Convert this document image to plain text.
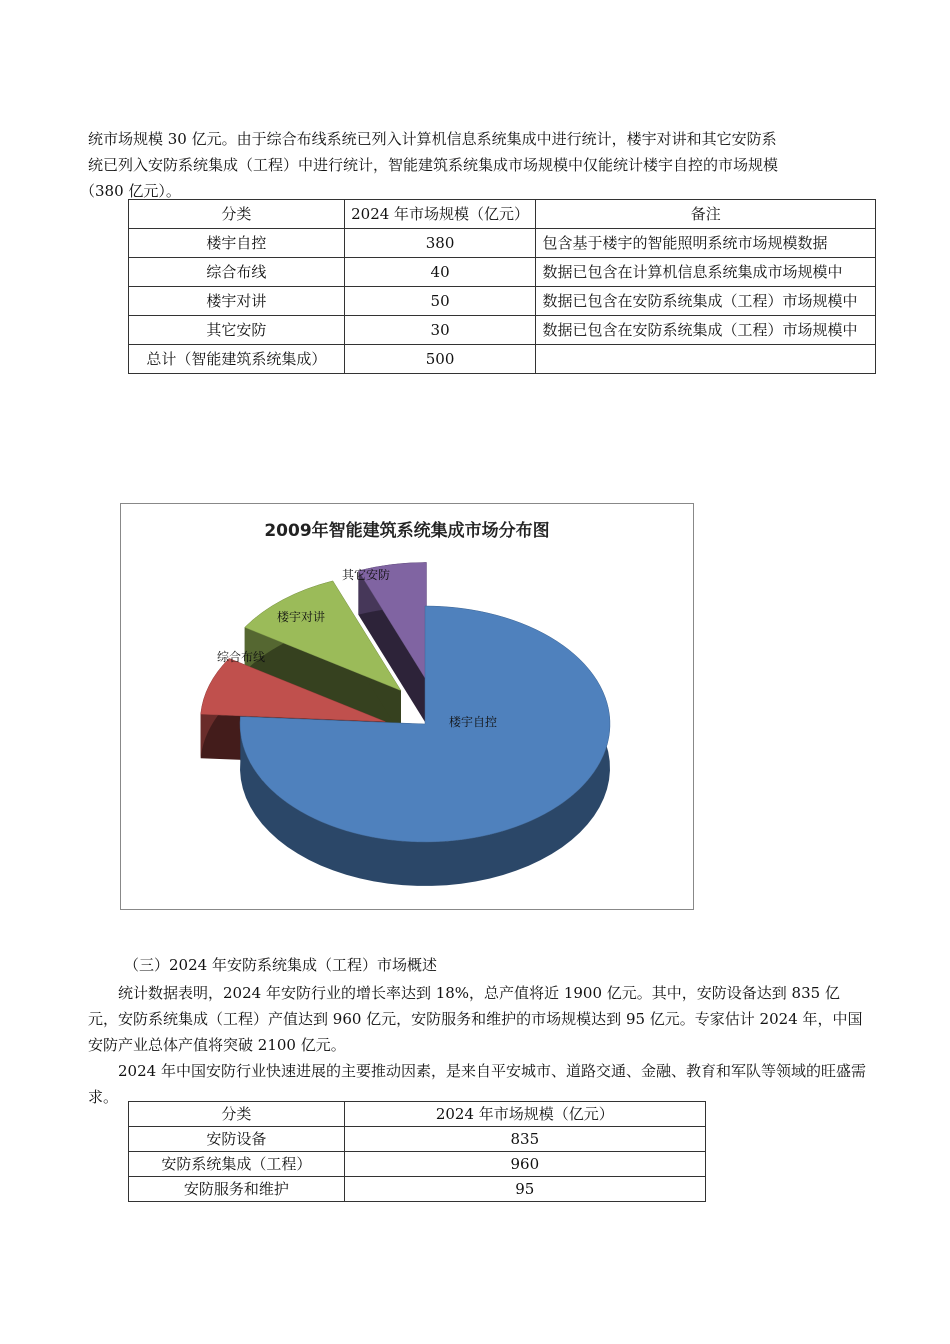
统市场规模 30 亿元。由于综合布线系统已列入计算机信息系统集成中进行统计，楼宇对讲和其它安防系
统已列入安防系统集成（工程）中进行统计，智能建筑系统集成市场规模中仅能统计楼宇自控的市场规模
（380 亿元）。

分类	2024 年市场规模（亿元）	备注
楼宇自控	380	包含基于楼宇的智能照明系统市场规模数据
综合布线	40	数据已包含在计算机信息系统集成市场规模中
楼宇对讲	50	数据已包含在安防系统集成（工程）市场规模中
其它安防	30	数据已包含在安防系统集成（工程）市场规模中
总计（智能建筑系统集成）	500	
2009年智能建筑系统集成市场分布图
楼宇自控
综合布线
楼宇对讲
其它安防
（三）2024 年安防系统集成（工程）市场概述

统计数据表明，2024 年安防行业的增长率达到 18%，总产值将近 1900 亿元。其中，安防设备达到 835 亿元，安防系统集成（工程）产值达到 960 亿元，安防服务和维护的市场规模达到 95 亿元。专家估计 2024 年，中国安防产业总体产值将突破 2100 亿元。

2024 年中国安防行业快速进展的主要推动因素，是来自平安城市、道路交通、金融、教育和军队等领域的旺盛需求。

分类	2024 年市场规模（亿元）
安防设备	835
安防系统集成（工程）	960
安防服务和维护	95
